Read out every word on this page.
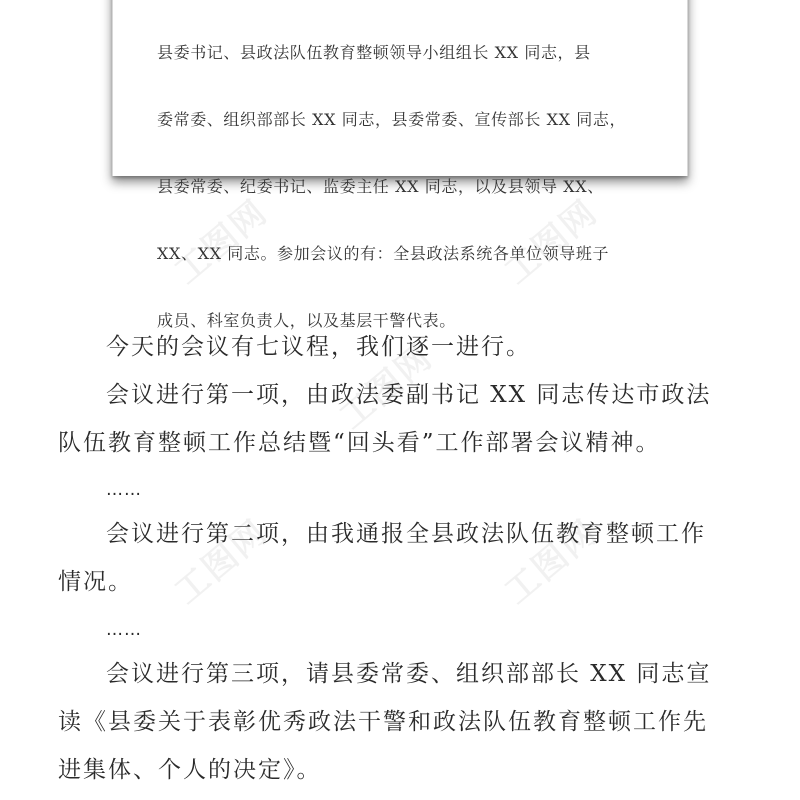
工图网	工图网
工图网
工图网	工图网

县委书记、县政法队伍教育整顿领导小组组长 XX 同志，县

委常委、组织部部长 XX 同志，县委常委、宣传部长 XX 同志，

县委常委、纪委书记、监委主任 XX 同志，以及县领导 XX、

XX、XX 同志。参加会议的有：全县政法系统各单位领导班子

成员、科室负责人，以及基层干警代表。

今天的会议有七议程，我们逐一进行。
会议进行第一项，由政法委副书记 XX 同志传达市政法
队伍教育整顿工作总结暨“回头看”工作部署会议精神。
……
会议进行第二项，由我通报全县政法队伍教育整顿工作
情况。
……
会议进行第三项，请县委常委、组织部部长 XX 同志宣
读《县委关于表彰优秀政法干警和政法队伍教育整顿工作先
进集体、个人的决定》。
